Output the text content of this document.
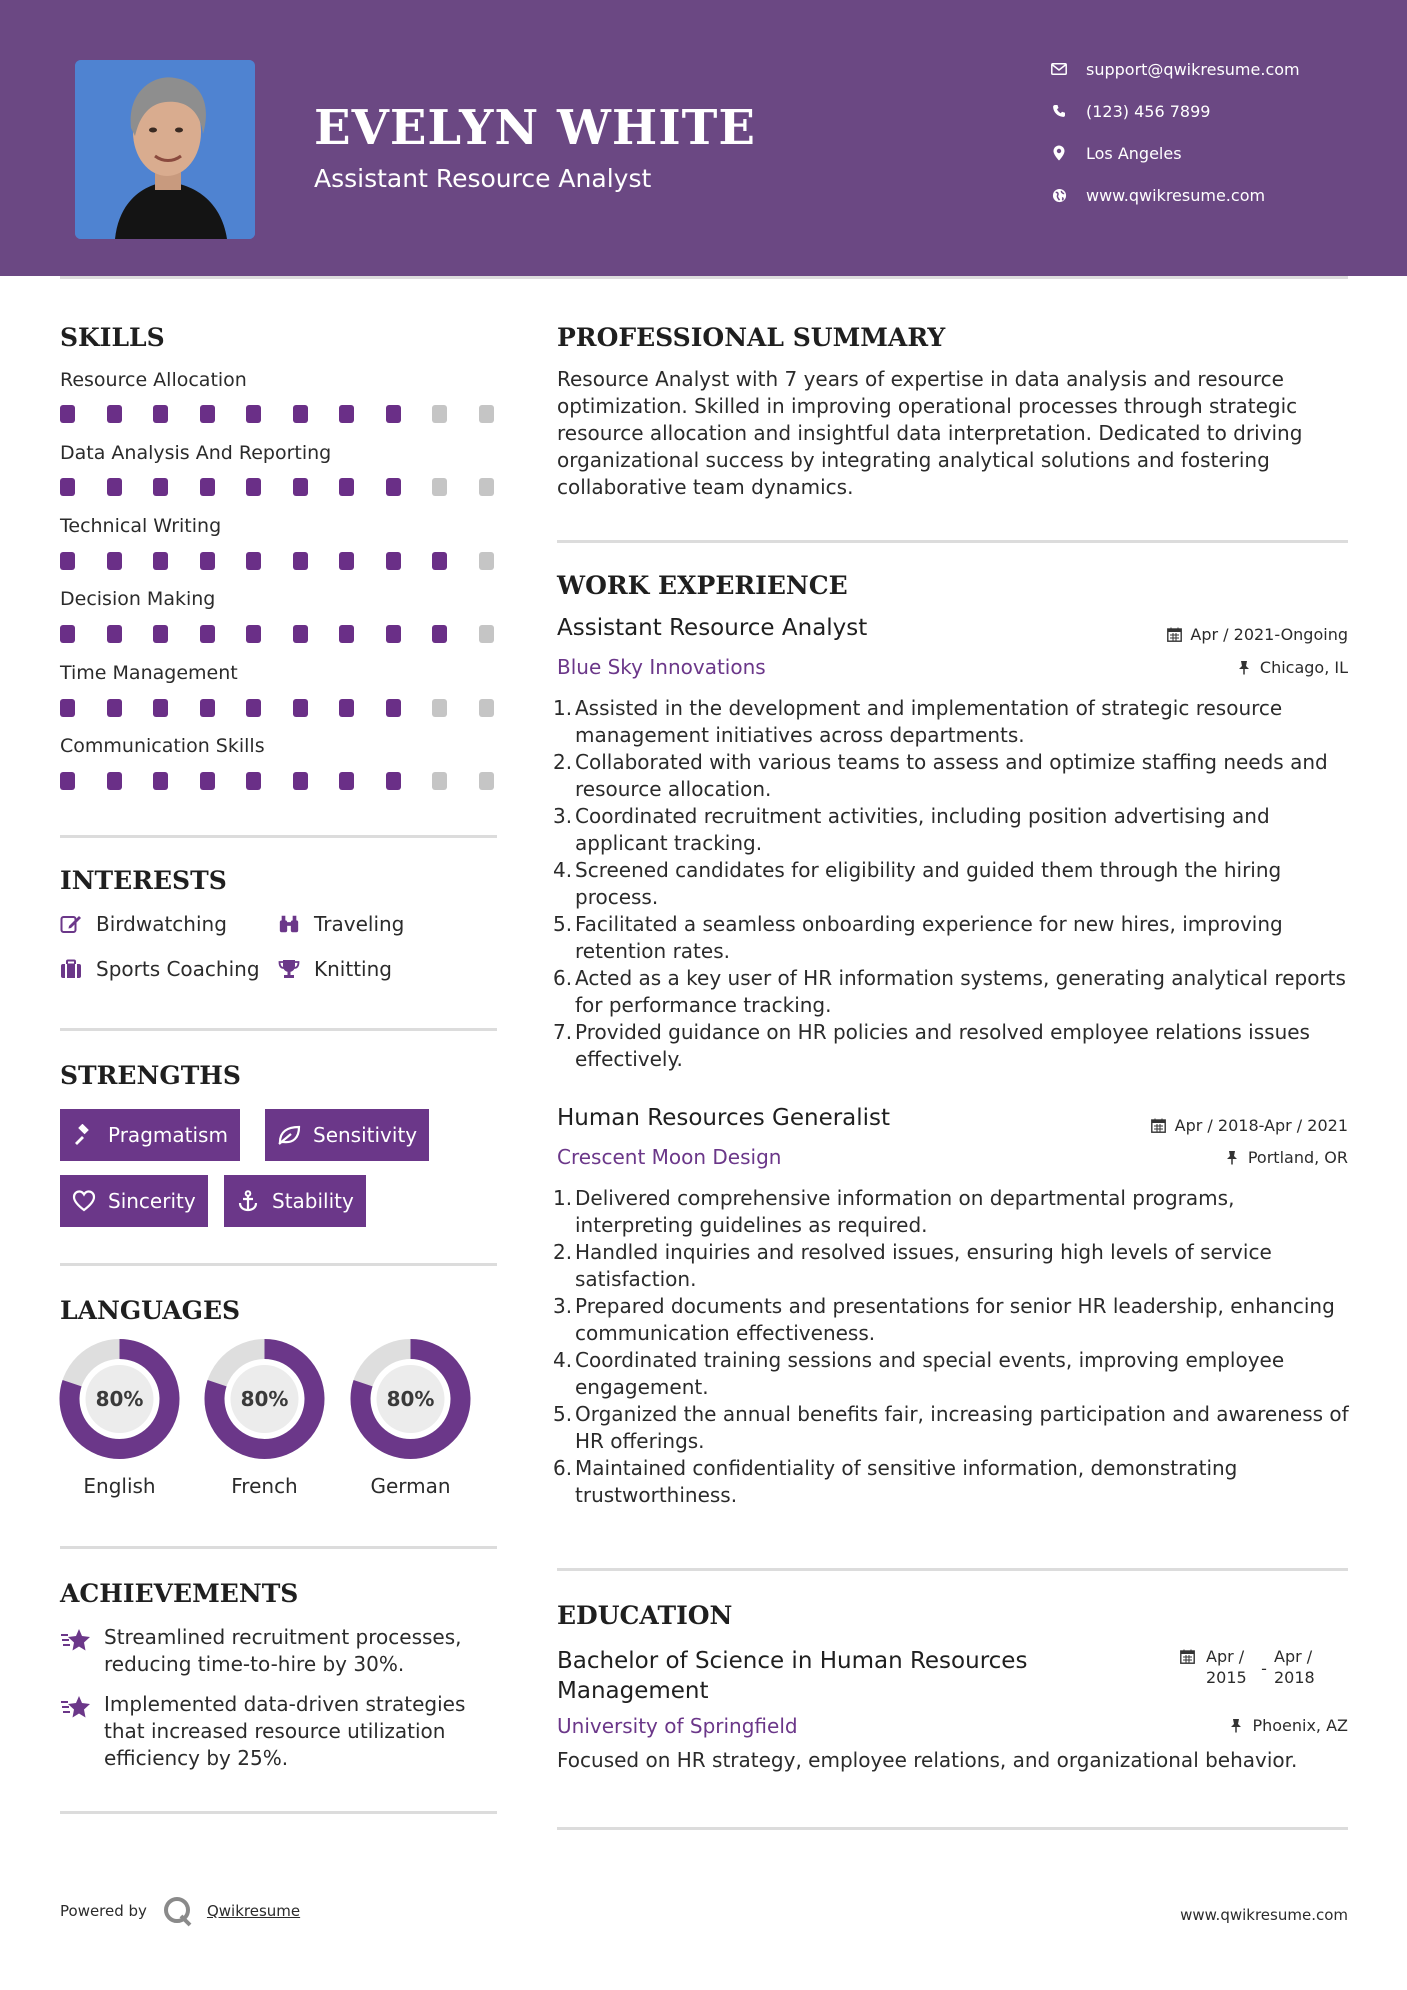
EVELYN WHITE
Assistant Resource Analyst
support@qwikresume.com
(123) 456 7899
Los Angeles
www.qwikresume.com
SKILLS
Resource Allocation
Data Analysis And Reporting
Technical Writing
Decision Making
Time Management
Communication Skills
INTERESTS
Birdwatching	Traveling
Sports Coaching	Knitting
STRENGTHS
Pragmatism	Sensitivity
Sincerity	Stability
LANGUAGES
80%
English
80%
French
80%
German
ACHIEVEMENTS
Streamlined recruitment processes, reducing time-to-hire by 30%.
Implemented data-driven strategies that increased resource utilization efficiency by 25%.
PROFESSIONAL SUMMARY
Resource Analyst with 7 years of expertise in data analysis and resource optimization. Skilled in improving operational processes through strategic resource allocation and insightful data interpretation. Dedicated to driving organizational success by integrating analytical solutions and fostering collaborative team dynamics.
WORK EXPERIENCE
Assistant Resource Analyst	Apr / 2021-Ongoing
Blue Sky Innovations	Chicago, IL
1. Assisted in the development and implementation of strategic resource management initiatives across departments.
2. Collaborated with various teams to assess and optimize staffing needs and resource allocation.
3. Coordinated recruitment activities, including position advertising and applicant tracking.
4. Screened candidates for eligibility and guided them through the hiring process.
5. Facilitated a seamless onboarding experience for new hires, improving retention rates.
6. Acted as a key user of HR information systems, generating analytical reports for performance tracking.
7. Provided guidance on HR policies and resolved employee relations issues effectively.
Human Resources Generalist	Apr / 2018-Apr / 2021
Crescent Moon Design	Portland, OR
1. Delivered comprehensive information on departmental programs, interpreting guidelines as required.
2. Handled inquiries and resolved issues, ensuring high levels of service satisfaction.
3. Prepared documents and presentations for senior HR leadership, enhancing communication effectiveness.
4. Coordinated training sessions and special events, improving employee engagement.
5. Organized the annual benefits fair, increasing participation and awareness of HR offerings.
6. Maintained confidentiality of sensitive information, demonstrating trustworthiness.
EDUCATION
Bachelor of Science in Human Resources Management
Apr / 2015 -
Apr / 2018
University of Springfield	Phoenix, AZ
Focused on HR strategy, employee relations, and organizational behavior.
Powered by	Qwikresume	www.qwikresume.com
